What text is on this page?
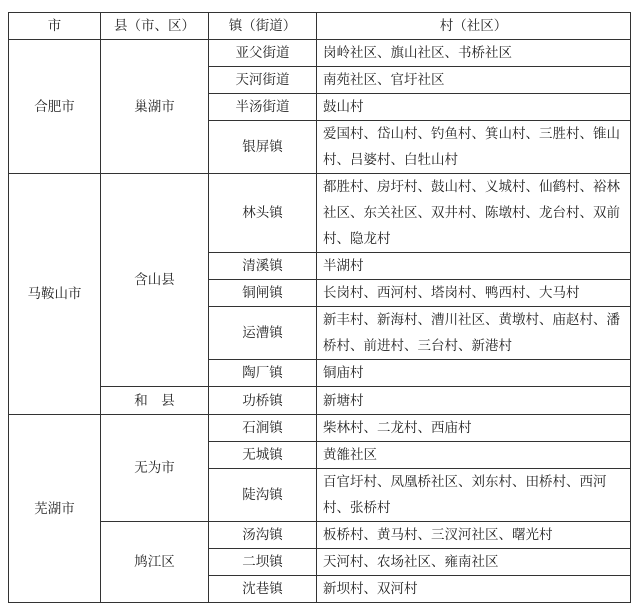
市	县（市、区）	镇（街道）	村（社区）
合肥市	巢湖市	亚父街道	岗岭社区、旗山社区、书桥社区
		天河街道	南苑社区、官圩社区
		半汤街道	鼓山村
		银屏镇	爱国村、岱山村、钓鱼村、箕山村、三胜村、锥山村、吕婆村、白牡山村
马鞍山市	含山县	林头镇	都胜村、房圩村、鼓山村、义城村、仙鹤村、裕林社区、东关社区、双井村、陈墩村、龙台村、双前村、隐龙村
		清溪镇	半湖村
		铜闸镇	长岗村、西河村、塔岗村、鸭西村、大马村
		运漕镇	新丰村、新海村、漕川社区、黄墩村、庙赵村、潘桥村、前进村、三台村、新港村
		陶厂镇	铜庙村
	和　县	功桥镇	新塘村
芜湖市	无为市	石涧镇	柴林村、二龙村、西庙村
		无城镇	黄雒社区
		陡沟镇	百官圩村、凤凰桥社区、刘东村、田桥村、西河村、张桥村
	鸠江区	汤沟镇	板桥村、黄马村、三汊河社区、曙光村
		二坝镇	天河村、农场社区、雍南社区
		沈巷镇	新坝村、双河村
